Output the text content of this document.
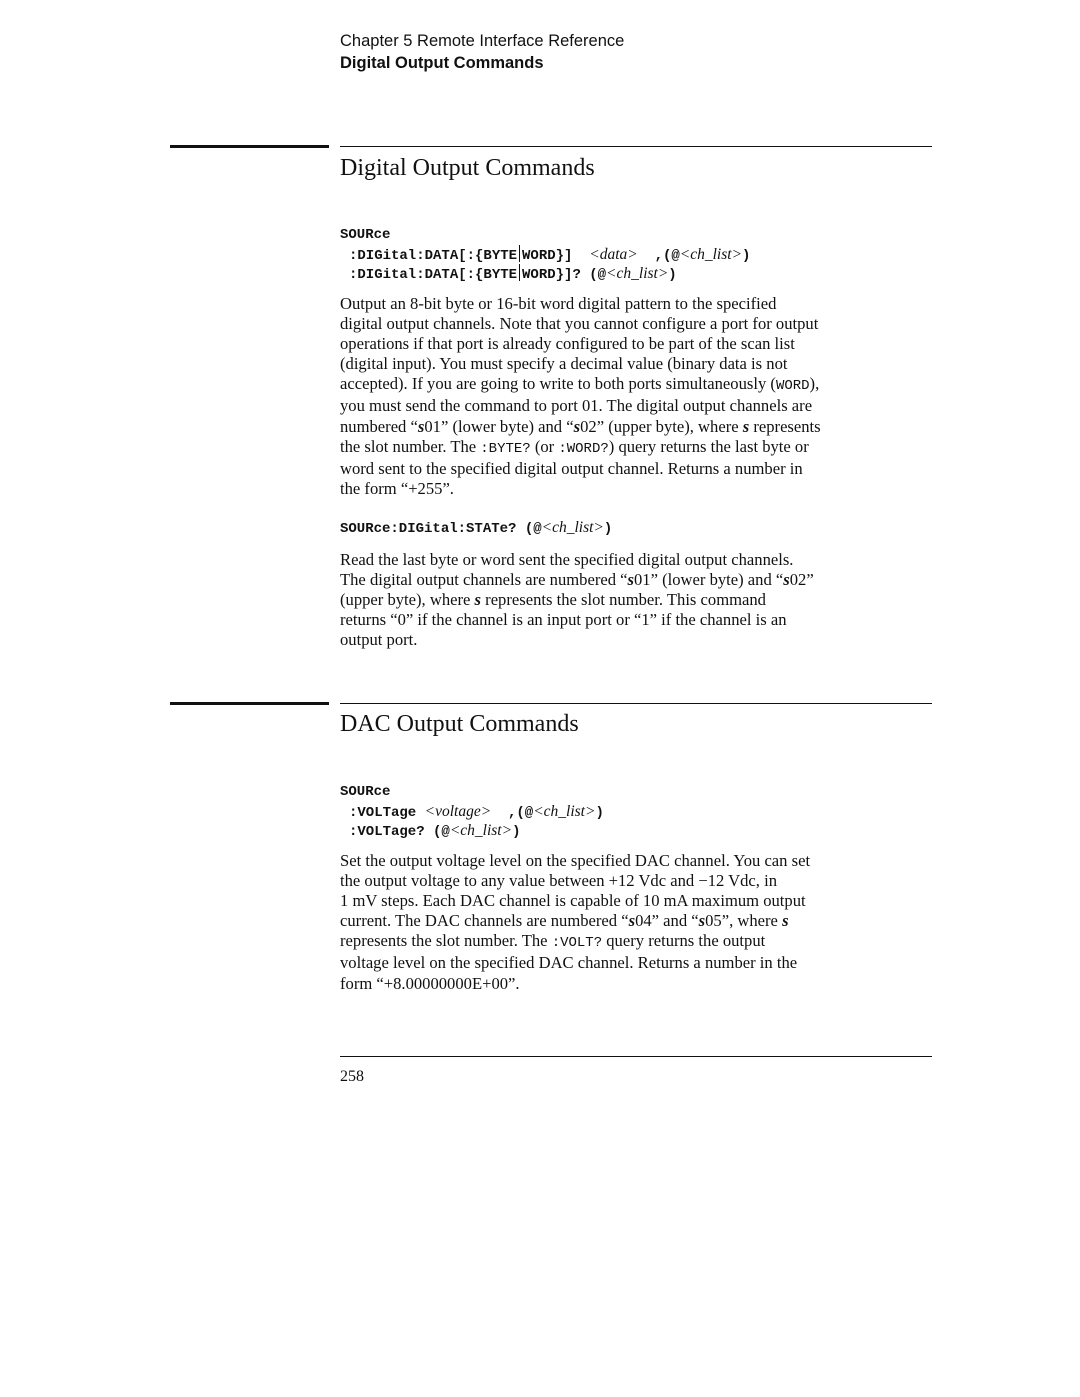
Chapter 5 Remote Interface Reference
Digital Output Commands
Digital Output Commands
SOURce
:DIGital:DATA[:{BYTE WORD}] <data> ,(@<ch_list>)
:DIGital:DATA[:{BYTE WORD}]? (@<ch_list>)

Output an 8-bit byte or 16-bit word digital pattern to the specified
digital output channels. Note that you cannot configure a port for output
operations if that port is already configured to be part of the scan list
(digital input). You must specify a decimal value (binary data is not
accepted). If you are going to write to both ports simultaneously (WORD),
you must send the command to port 01. The digital output channels are
numbered “s01” (lower byte) and “s02” (upper byte), where s represents
the slot number. The :BYTE? (or :WORD?) query returns the last byte or
word sent to the specified digital output channel. Returns a number in
the form “+255”.

SOURce:DIGital:STATe? (@<ch_list>)

Read the last byte or word sent the specified digital output channels.
The digital output channels are numbered “s01” (lower byte) and “s02”
(upper byte), where s represents the slot number. This command
returns “0” if the channel is an input port or “1” if the channel is an
output port.

DAC Output Commands
SOURce
:VOLTage <voltage> ,(@<ch_list>)
:VOLTage? (@<ch_list>)

Set the output voltage level on the specified DAC channel. You can set
the output voltage to any value between +12 Vdc and −12 Vdc, in
1 mV steps. Each DAC channel is capable of 10 mA maximum output
current. The DAC channels are numbered “s04” and “s05”, where s
represents the slot number. The :VOLT? query returns the output
voltage level on the specified DAC channel. Returns a number in the
form “+8.00000000E+00”.

258
